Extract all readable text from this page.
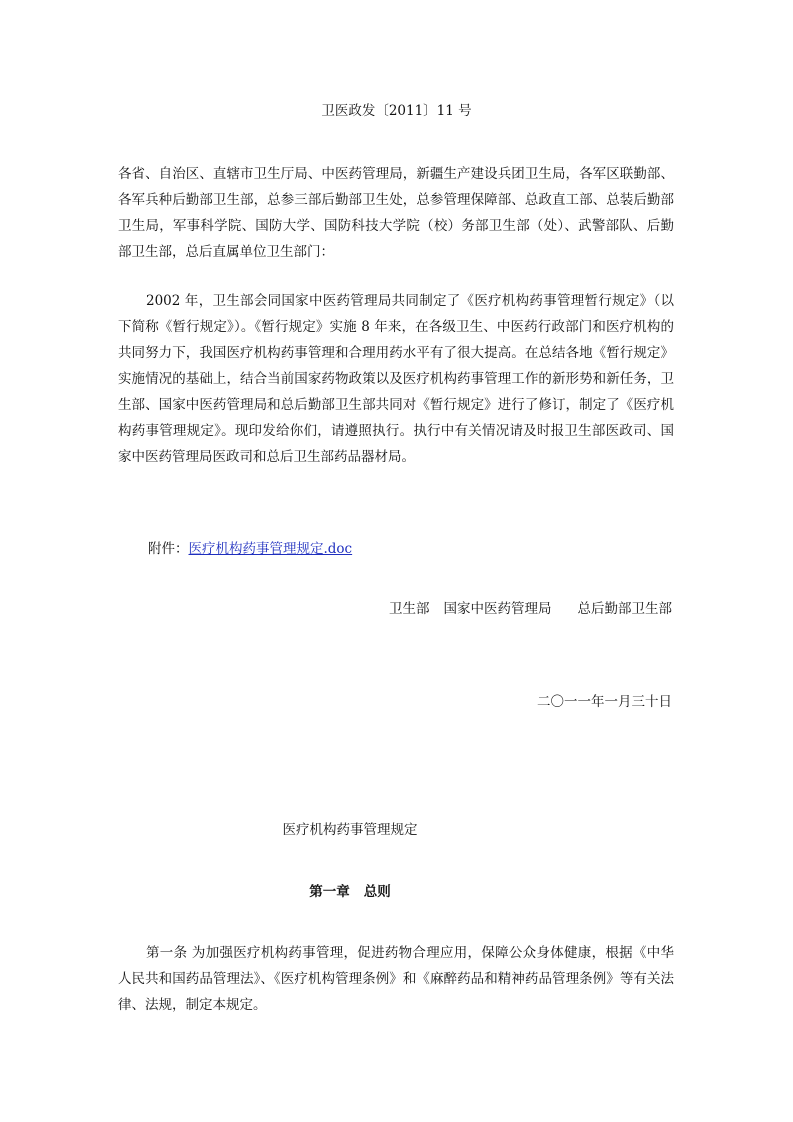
卫医政发〔2011〕11 号
各省、自治区、直辖市卫生厅局、中医药管理局，新疆生产建设兵团卫生局，各军区联勤部、各军兵种后勤部卫生部，总参三部后勤部卫生处，总参管理保障部、总政直工部、总装后勤部卫生局，军事科学院、国防大学、国防科技大学院（校）务部卫生部（处）、武警部队、后勤部卫生部，总后直属单位卫生部门：
2002 年，卫生部会同国家中医药管理局共同制定了《医疗机构药事管理暂行规定》（以下简称《暂行规定》）。《暂行规定》实施 8 年来，在各级卫生、中医药行政部门和医疗机构的共同努力下，我国医疗机构药事管理和合理用药水平有了很大提高。在总结各地《暂行规定》实施情况的基础上，结合当前国家药物政策以及医疗机构药事管理工作的新形势和新任务，卫生部、国家中医药管理局和总后勤部卫生部共同对《暂行规定》进行了修订，制定了《医疗机构药事管理规定》。现印发给你们，请遵照执行。执行中有关情况请及时报卫生部医政司、国家中医药管理局医政司和总后卫生部药品器材局。
附件：医疗机构药事管理规定.doc
卫生部 国家中医药管理局 总后勤部卫生部
二〇一一年一月三十日
医疗机构药事管理规定
第一章 总则
第一条 为加强医疗机构药事管理，促进药物合理应用，保障公众身体健康，根据《中华人民共和国药品管理法》、《医疗机构管理条例》和《麻醉药品和精神药品管理条例》等有关法律、法规，制定本规定。
